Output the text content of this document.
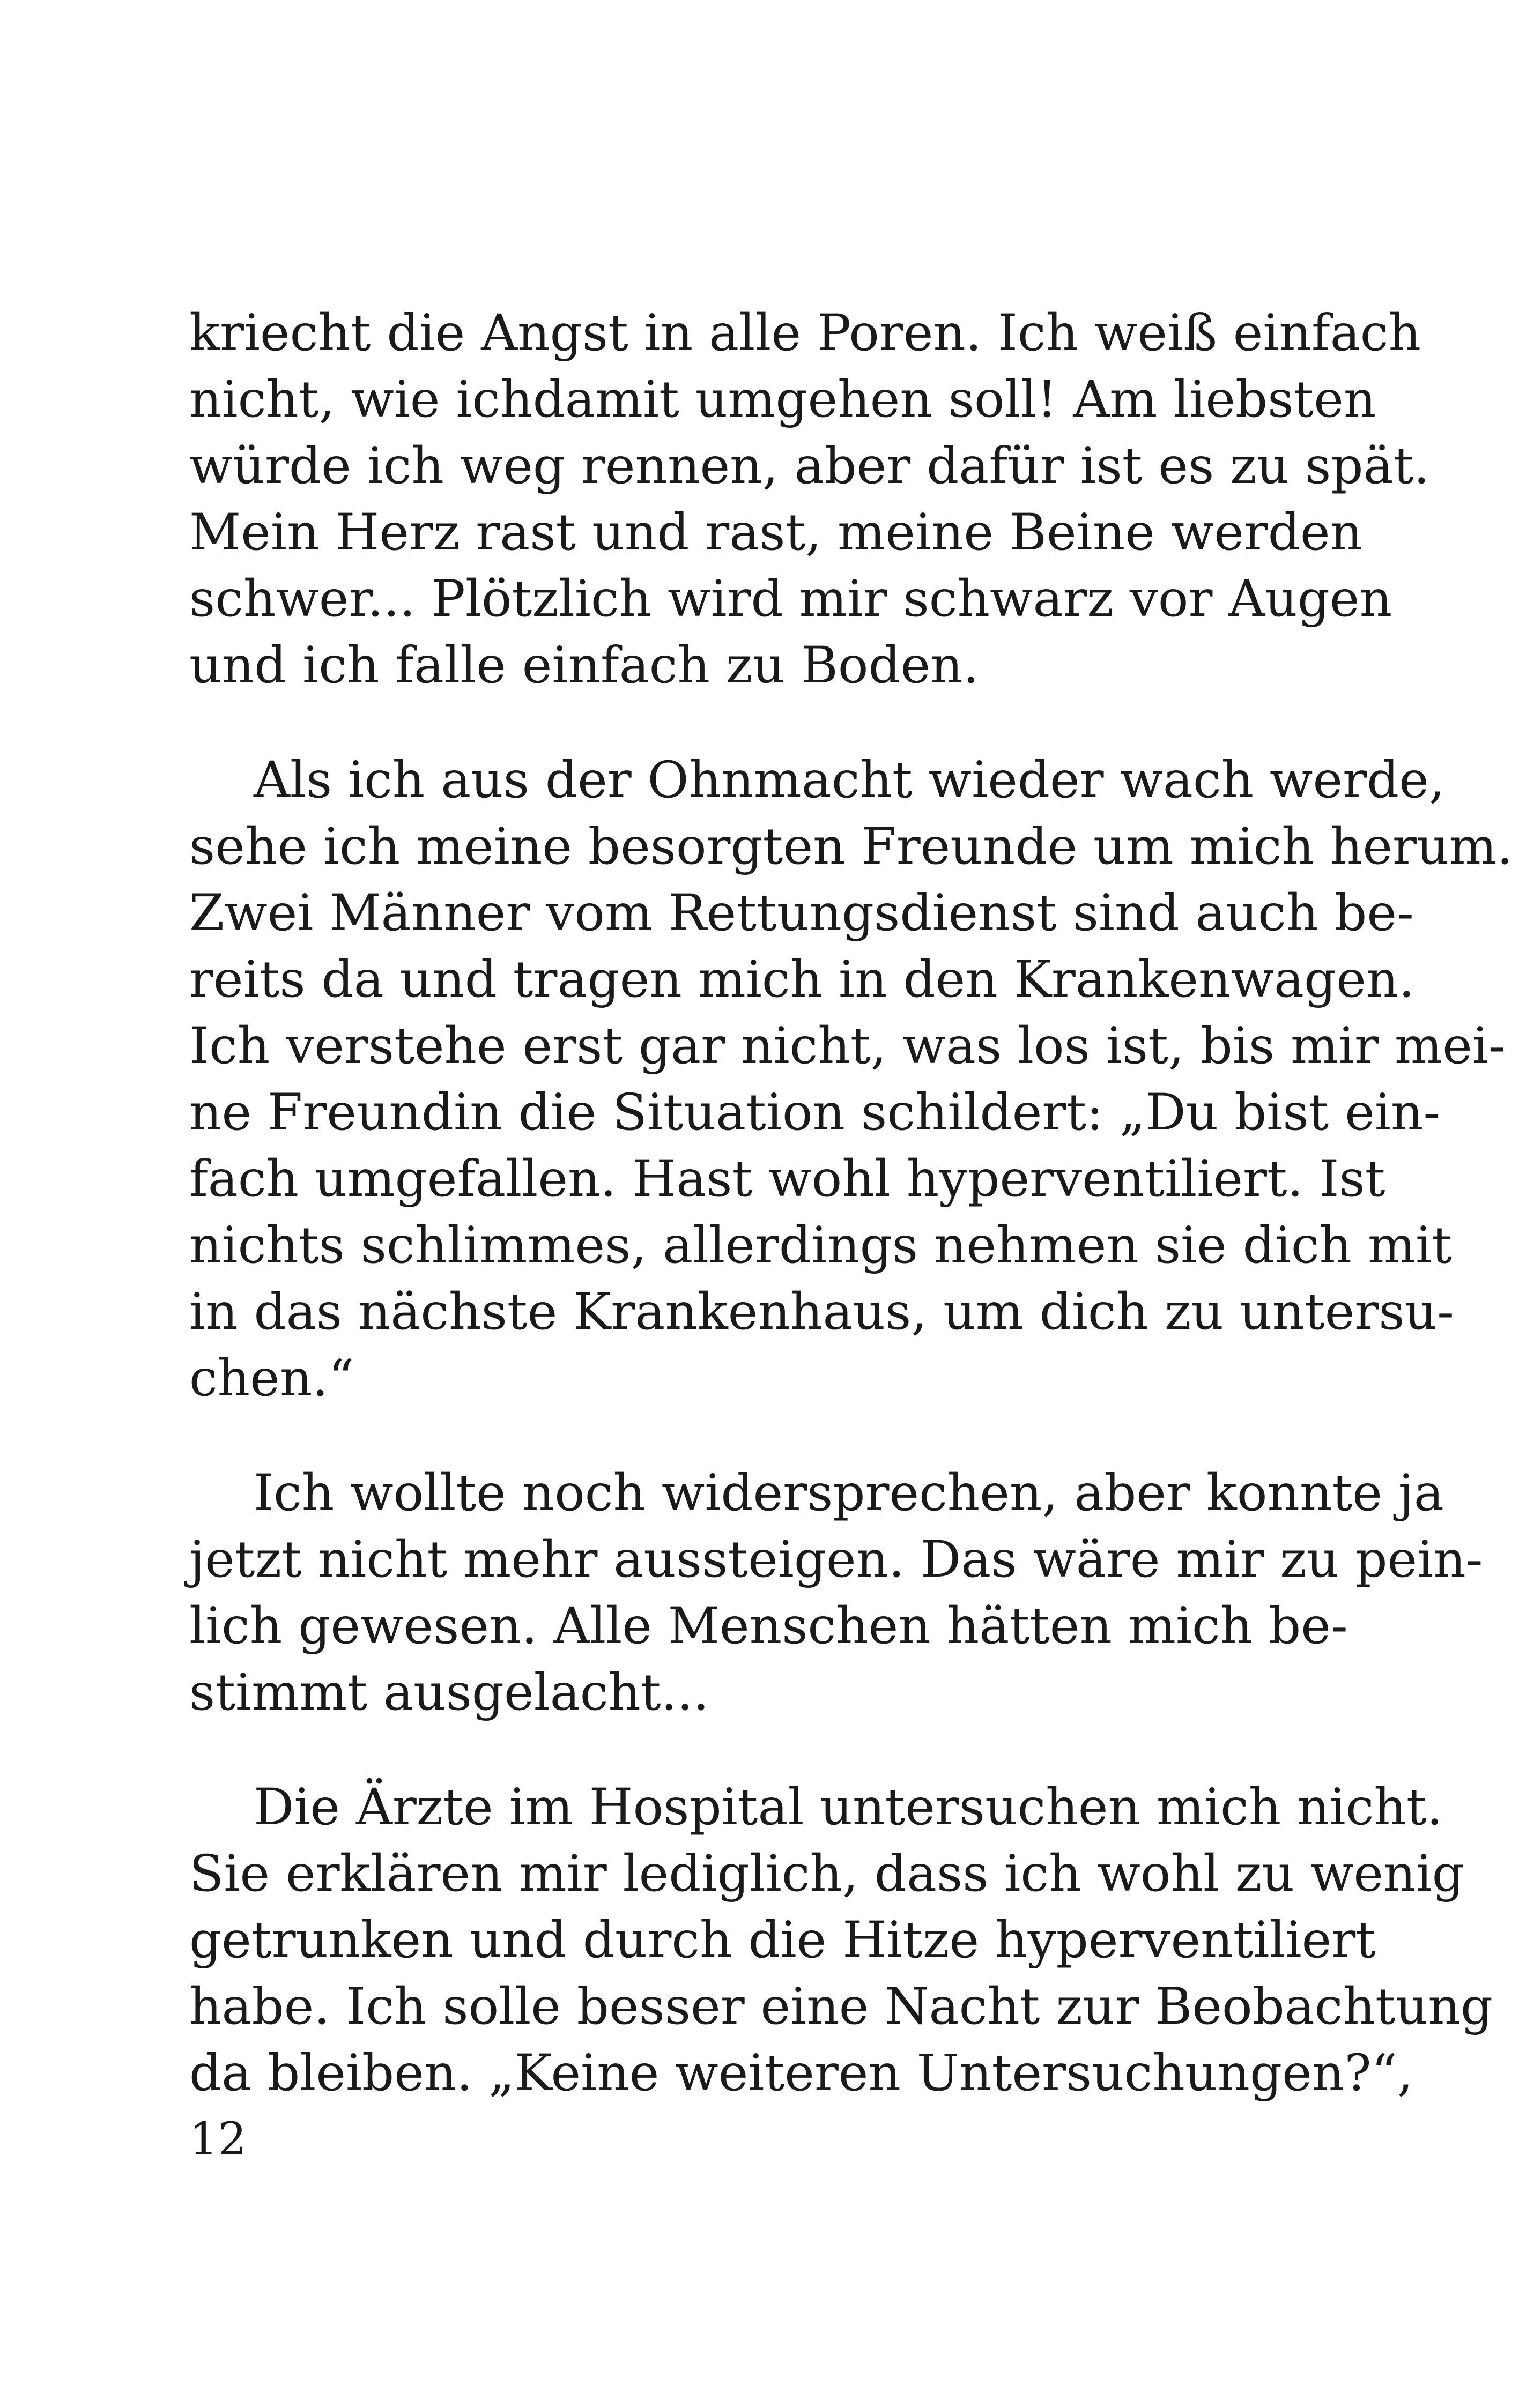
kriecht die Angst in alle Poren. Ich weiß einfach
nicht, wie ichdamit umgehen soll! Am liebsten
würde ich weg rennen, aber dafür ist es zu spät.
Mein Herz rast und rast, meine Beine werden
schwer... Plötzlich wird mir schwarz vor Augen
und ich falle einfach zu Boden.

Als ich aus der Ohnmacht wieder wach werde,
sehe ich meine besorgten Freunde um mich herum.
Zwei Männer vom Rettungsdienst sind auch be-
reits da und tragen mich in den Krankenwagen.
Ich verstehe erst gar nicht, was los ist, bis mir mei-
ne Freundin die Situation schildert: „Du bist ein-
fach umgefallen. Hast wohl hyperventiliert. Ist
nichts schlimmes, allerdings nehmen sie dich mit
in das nächste Krankenhaus, um dich zu untersu-
chen.“

Ich wollte noch widersprechen, aber konnte ja
jetzt nicht mehr aussteigen. Das wäre mir zu pein-
lich gewesen. Alle Menschen hätten mich be-
stimmt ausgelacht...

Die Ärzte im Hospital untersuchen mich nicht.
Sie erklären mir lediglich, dass ich wohl zu wenig
getrunken und durch die Hitze hyperventiliert
habe. Ich solle besser eine Nacht zur Beobachtung
da bleiben. „Keine weiteren Untersuchungen?“,

12
